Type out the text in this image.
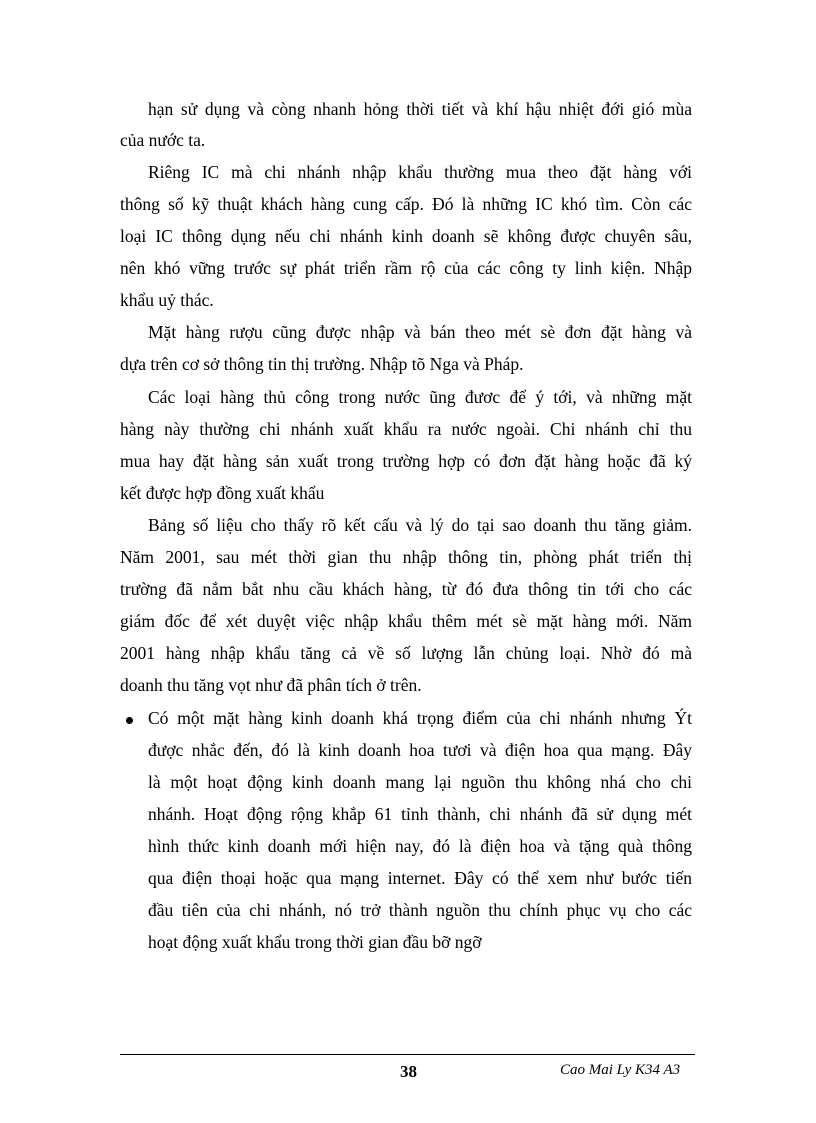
hạn sử dụng và còng nhanh hỏng thời tiết và khí hậu nhiệt đới gió mùa
của nước ta.
Riêng IC mà chi nhánh nhập khẩu thường mua theo đặt hàng với
thông số kỹ thuật khách hàng cung cấp. Đó là những IC khó tìm. Còn các
loại IC thông dụng nếu chi nhánh kinh doanh sẽ không được chuyên sâu,
nên khó vững trước sự phát triển rầm rộ của các công ty linh kiện. Nhập
khẩu uỷ thác.
Mặt hàng rượu cũng được nhập và bán theo mét sè đơn đặt hàng và
dựa trên cơ sở thông tin thị trường. Nhập tõ Nga và Pháp.
Các loại hàng thủ công trong nước ũng đươc để ý tới, và những mặt
hàng này thường chi nhánh xuất khẩu ra nước ngoài. Chi nhánh chỉ thu
mua hay đặt hàng sản xuất trong trường hợp có đơn đặt hàng hoặc đã ký
kết được hợp đồng xuất khẩu
Bảng số liệu cho thấy rõ kết cấu và lý do tại sao doanh thu tăng giảm.
Năm 2001, sau mét thời gian thu nhập thông tin, phòng phát triển thị
trường đã nắm bắt nhu cầu khách hàng, từ đó đưa thông tin tới cho các
giám đốc để xét duyệt việc nhập khẩu thêm mét sè mặt hàng mới. Năm
2001 hàng nhập khẩu tăng cả về số lượng lẫn chủng loại. Nhờ đó mà
doanh thu tăng vọt như đã phân tích ở trên.
Có một mặt hàng kinh doanh khá trọng điểm của chi nhánh nhưng Ýt
được nhắc đến, đó là kinh doanh hoa tươi và điện hoa qua mạng. Đây
là một hoạt động kinh doanh mang lại nguồn thu không nhá cho chi
nhánh. Hoạt động rộng khắp 61 tỉnh thành, chi nhánh đã sử dụng mét
hình thức kinh doanh mới hiện nay, đó là điện hoa và tặng quà thông
qua điện thoại hoặc qua mạng internet. Đây có thể xem như bước tiến
đầu tiên của chi nhánh, nó trở thành nguồn thu chính phục vụ cho các
hoạt động xuất khẩu trong thời gian đầu bỡ ngỡ
38	Cao Mai Ly K34 A3
